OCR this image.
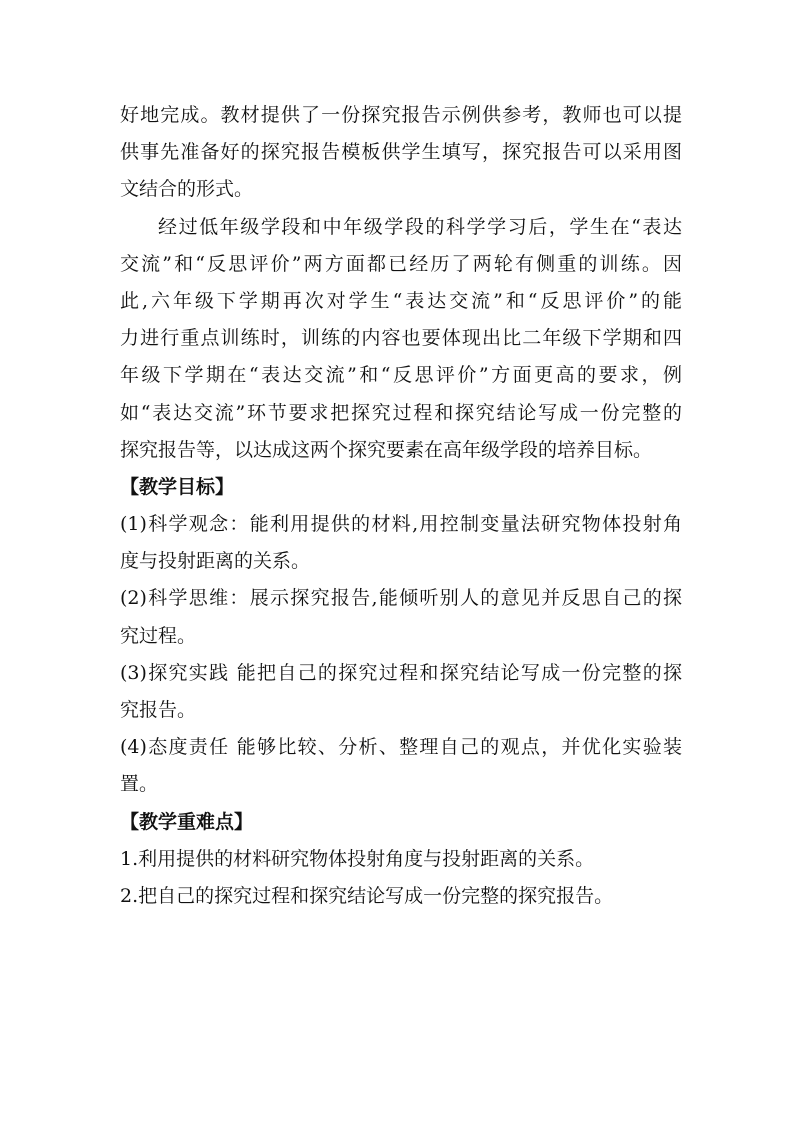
好地完成。教材提供了一份探究报告示例供参考，教师也可以提
供事先准备好的探究报告模板供学生填写，探究报告可以采用图
文结合的形式。
经过低年级学段和中年级学段的科学学习后，学生在“表达
交流”和“反思评价”两方面都已经历了两轮有侧重的训练。因
此,六年级下学期再次对学生“表达交流”和“反思评价”的能
力进行重点训练时，训练的内容也要体现出比二年级下学期和四
年级下学期在“表达交流”和“反思评价”方面更高的要求，例
如“表达交流”环节要求把探究过程和探究结论写成一份完整的
探究报告等，以达成这两个探究要素在高年级学段的培养目标。
【教学目标】
(1)科学观念：能利用提供的材料,用控制变量法研究物体投射角
度与投射距离的关系。
(2)科学思维：展示探究报告,能倾听别人的意见并反思自己的探
究过程。
(3)探究实践 能把自己的探究过程和探究结论写成一份完整的探
究报告。
(4)态度责任 能够比较、分析、整理自己的观点，并优化实验装
置。
【教学重难点】
1.利用提供的材料研究物体投射角度与投射距离的关系。
2.把自己的探究过程和探究结论写成一份完整的探究报告。
